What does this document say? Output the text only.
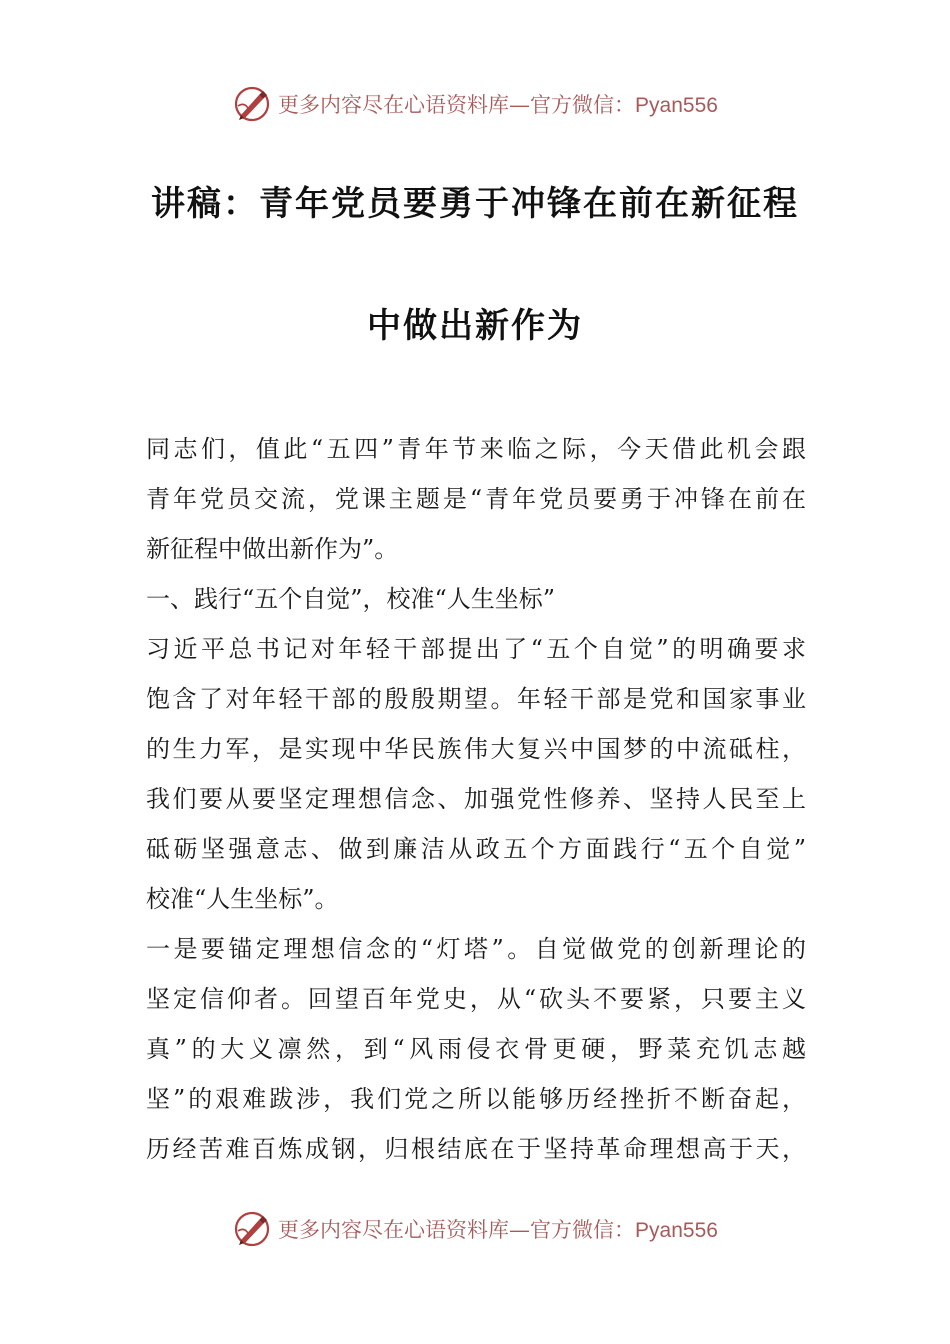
更多内容尽在心语资料库—官方微信：Pyan556
讲稿：青年党员要勇于冲锋在前在新征程
中做出新作为
同志们，值此“五四”青年节来临之际，今天借此机会跟
青年党员交流，党课主题是“青年党员要勇于冲锋在前在
新征程中做出新作为”。
一、践行“五个自觉”，校准“人生坐标”
习近平总书记对年轻干部提出了“五个自觉”的明确要求
饱含了对年轻干部的殷殷期望。年轻干部是党和国家事业
的生力军，是实现中华民族伟大复兴中国梦的中流砥柱，
我们要从要坚定理想信念、加强党性修养、坚持人民至上
砥砺坚强意志、做到廉洁从政五个方面践行“五个自觉”
校准“人生坐标”。
一是要锚定理想信念的“灯塔”。自觉做党的创新理论的
坚定信仰者。回望百年党史，从“砍头不要紧，只要主义
真”的大义凛然，到“风雨侵衣骨更硬，野菜充饥志越
坚”的艰难跋涉，我们党之所以能够历经挫折不断奋起，
历经苦难百炼成钢，归根结底在于坚持革命理想高于天，
更多内容尽在心语资料库—官方微信：Pyan556
